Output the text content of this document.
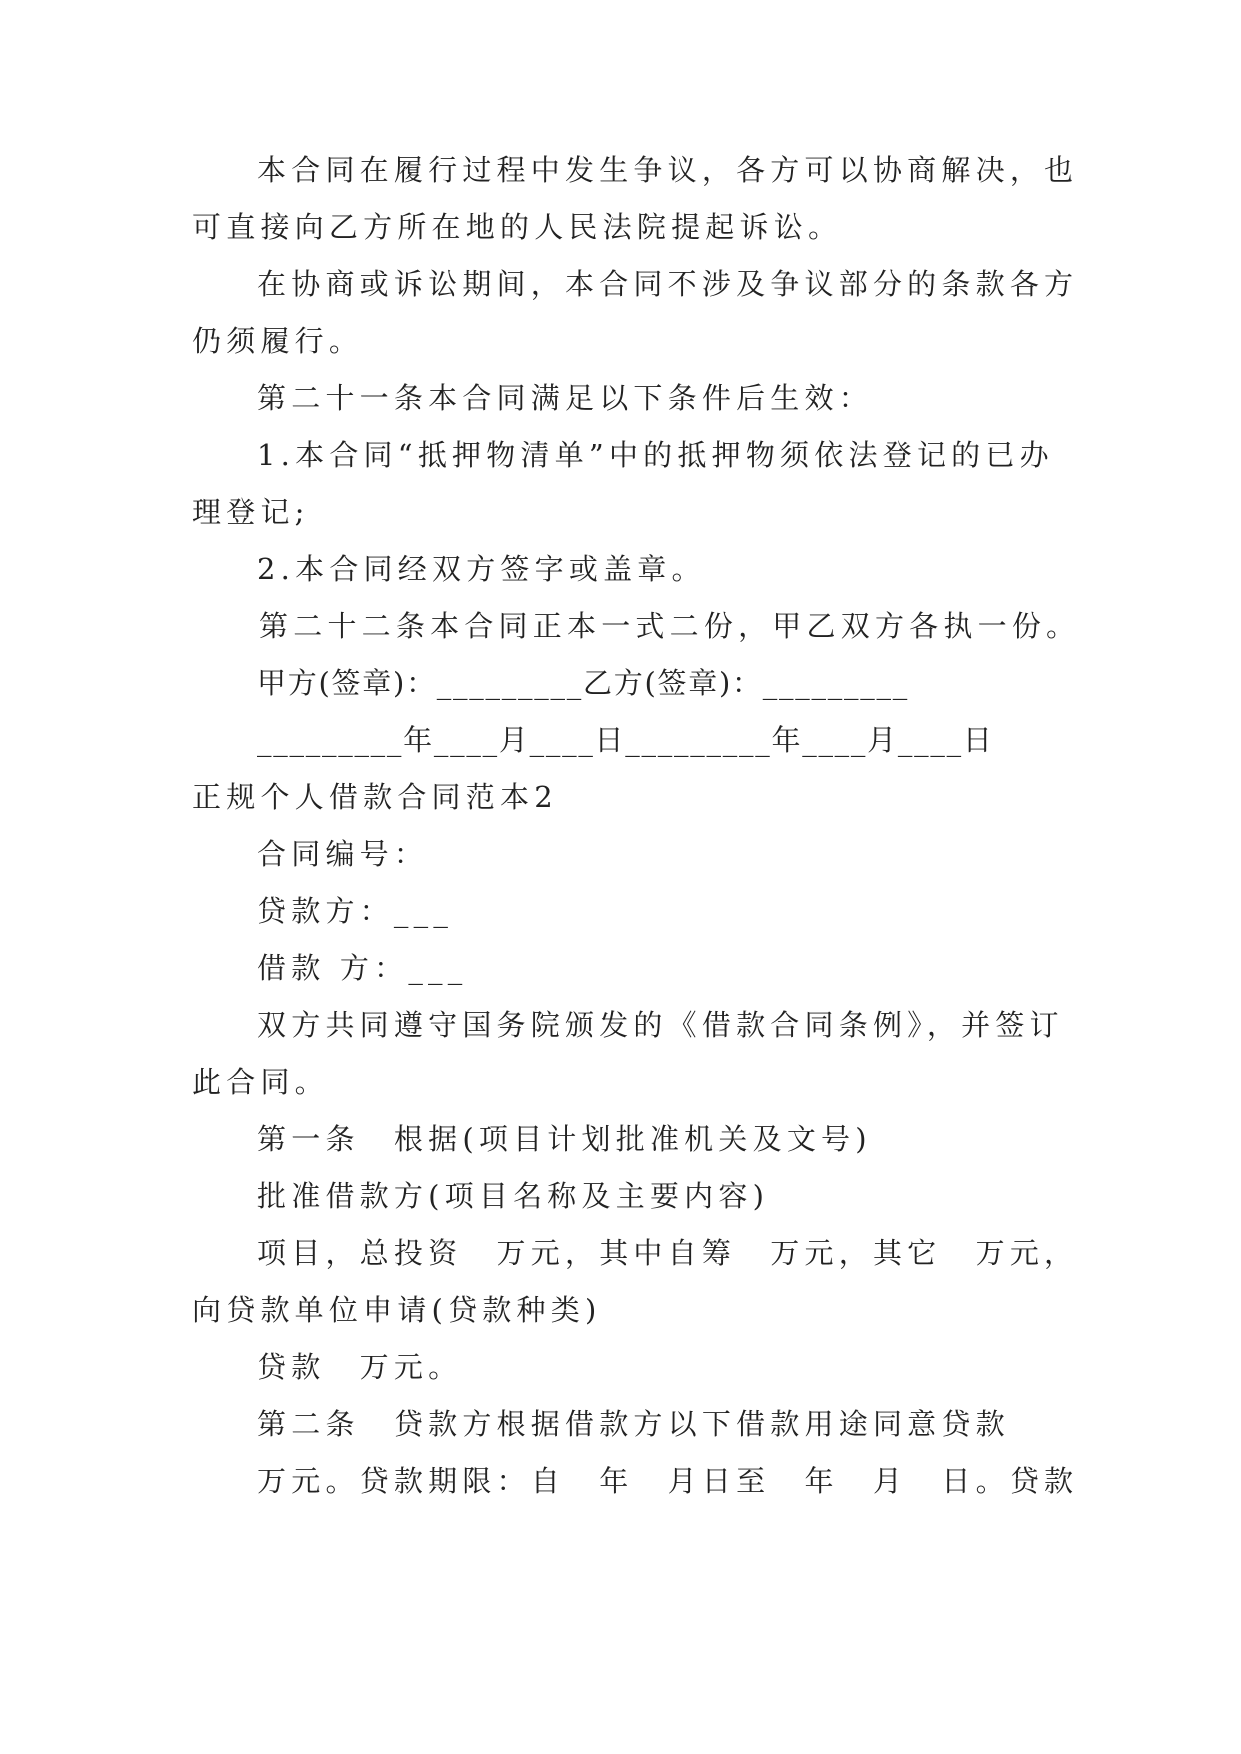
本合同在履行过程中发生争议，各方可以协商解决，也
可直接向乙方所在地的人民法院提起诉讼。
在协商或诉讼期间，本合同不涉及争议部分的条款各方
仍须履行。
第二十一条本合同满足以下条件后生效：
1.本合同“抵押物清单”中的抵押物须依法登记的已办
理登记;
2.本合同经双方签字或盖章。
第二十二条本合同正本一式二份，甲乙双方各执一份。
甲方(签章)：_________乙方(签章)：_________
_________年____月____日_________年____月____日
正规个人借款合同范本2
合同编号：
贷款方：___
借款 方：___
双方共同遵守国务院颁发的《借款合同条例》，并签订
此合同。
第一条　根据(项目计划批准机关及文号)
批准借款方(项目名称及主要内容)
项目，总投资　万元，其中自筹　万元，其它　万元，
向贷款单位申请(贷款种类)
贷款　万元。
第二条　贷款方根据借款方以下借款用途同意贷款
万元。贷款期限：自　年　月日至　年　月　日。贷款
